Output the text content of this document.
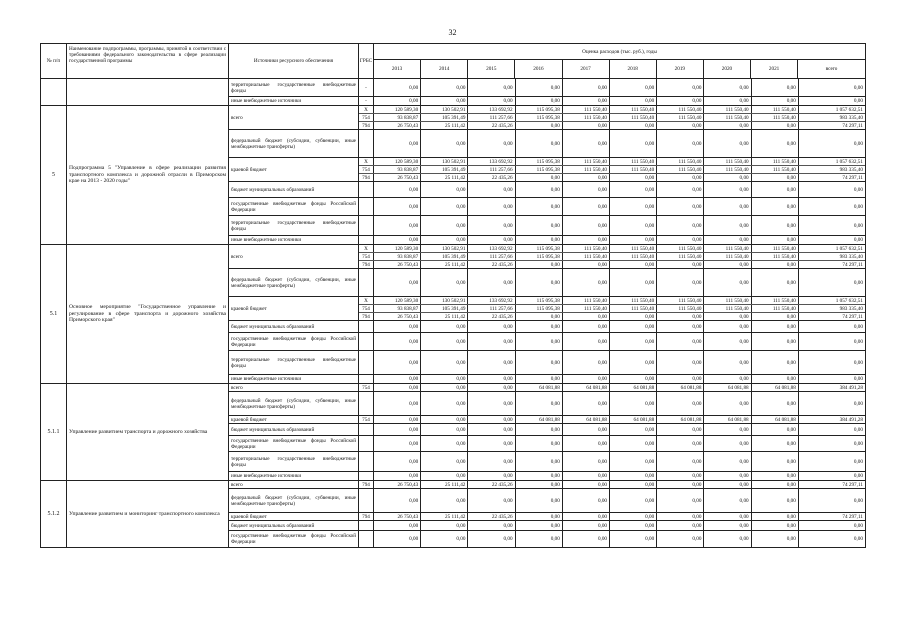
32
№ п/п
Наименование подпрограммы, программы, принятой в соответствии с требованиями федерального законодательства в сфере реализации государственной программы	Источники ресурсного обеспечения	ГРБС
Оценка расходов (тыс. руб.), годы
2013	2014	2015	2016	2017	2018	2019	2020	2021	всего
территориальные государственные внебюджетные фонды	-	0,00	0,00	0,00	0,00	0,00	0,00	0,00	0,00	0,00	0,00
иные внебюджетные источники	-	0,00	0,00	0,00	0,00	0,00	0,00	0,00	0,00	0,00	0,00
5
Подпрограмма 5 "Управление в сфере реализации развития транспортного комплекса и дорожной отрасли в Приморском крае на 2013 - 2020 годы"
всего
X	120 589,30	130 502,91	133 692,92	115 095,38	111 550,40	111 550,40	111 550,40	111 550,40	111 550,40	1 057 632,51
754	93 838,87	105 391,49	111 257,66	115 095,38	111 550,40	111 550,40	111 550,40	111 550,40	111 550,40	983 335,40
794	26 750,43	25 111,42	22 435,26	0,00	0,00	0,00	0,00	0,00	0,00	74 297,11
федеральный бюджет (субсидии, субвенции, иные межбюджетные трансферты)	0,00	0,00	0,00	0,00	0,00	0,00	0,00	0,00	0,00	0,00
краевой бюджет
X	120 589,30	130 502,91	133 692,92	115 095,38	111 550,40	111 550,40	111 550,40	111 550,40	111 550,40	1 057 632,51
754	93 838,87	105 391,49	111 257,66	115 095,38	111 550,40	111 550,40	111 550,40	111 550,40	111 550,40	983 335,40
794	26 750,43	25 111,42	22 435,26	0,00	0,00	0,00	0,00	0,00	0,00	74 297,11
бюджет муниципальных образований	0,00	0,00	0,00	0,00	0,00	0,00	0,00	0,00	0,00	0,00
государственные внебюджетные фонды Российской Федерации	0,00	0,00	0,00	0,00	0,00	0,00	0,00	0,00	0,00	0,00
территориальные государственные внебюджетные фонды	0,00	0,00	0,00	0,00	0,00	0,00	0,00	0,00	0,00	0,00
иные внебюджетные источники	0,00	0,00	0,00	0,00	0,00	0,00	0,00	0,00	0,00	0,00
5.1
Основное мероприятие "Государственное управление и регулирование в сфере транспорта и дорожного хозяйства Приморского края"
всего
X	120 589,30	130 502,91	133 692,92	115 095,38	111 550,40	111 550,40	111 550,40	111 550,40	111 550,40	1 057 632,51
754	93 838,87	105 391,49	111 257,66	115 095,38	111 550,40	111 550,40	111 550,40	111 550,40	111 550,40	983 335,40
794	26 750,43	25 111,42	22 435,26	0,00	0,00	0,00	0,00	0,00	0,00	74 297,11
федеральный бюджет (субсидии, субвенции, иные межбюджетные трансферты)	0,00	0,00	0,00	0,00	0,00	0,00	0,00	0,00	0,00	0,00
краевой бюджет
X	120 589,30	130 502,91	133 692,92	115 095,38	111 550,40	111 550,40	111 550,40	111 550,40	111 550,40	1 057 632,51
754	93 838,87	105 391,49	111 257,66	115 095,38	111 550,40	111 550,40	111 550,40	111 550,40	111 550,40	983 335,40
794	26 750,43	25 111,42	22 435,26	0,00	0,00	0,00	0,00	0,00	0,00	74 297,11
бюджет муниципальных образований	0,00	0,00	0,00	0,00	0,00	0,00	0,00	0,00	0,00	0,00
государственные внебюджетные фонды Российской Федерации	0,00	0,00	0,00	0,00	0,00	0,00	0,00	0,00	0,00	0,00
территориальные государственные внебюджетные фонды	0,00	0,00	0,00	0,00	0,00	0,00	0,00	0,00	0,00	0,00
иные внебюджетные источники	0,00	0,00	0,00	0,00	0,00	0,00	0,00	0,00	0,00	0,00
5.1.1	Управление развитием транспорта и дорожного хозяйства
всего	754	0,00	0,00	0,00	64 081,88	64 081,88	64 081,88	64 081,88	64 081,88	64 081,88	384 491,28
федеральный бюджет (субсидии, субвенции, иные межбюджетные трансферты)	0,00	0,00	0,00	0,00	0,00	0,00	0,00	0,00	0,00	0,00
краевой бюджет	754	0,00	0,00	0,00	64 081,88	64 081,88	64 081,88	64 081,88	64 081,88	64 081,88	384 491,28
бюджет муниципальных образований	0,00	0,00	0,00	0,00	0,00	0,00	0,00	0,00	0,00	0,00
государственные внебюджетные фонды Российской Федерации	0,00	0,00	0,00	0,00	0,00	0,00	0,00	0,00	0,00	0,00
территориальные государственные внебюджетные фонды	0,00	0,00	0,00	0,00	0,00	0,00	0,00	0,00	0,00	0,00
иные внебюджетные источники	0,00	0,00	0,00	0,00	0,00	0,00	0,00	0,00	0,00	0,00
5.1.2	Управление развитием и мониторинг транспортного комплекса
всего	794	26 750,43	25 111,42	22 435,26	0,00	0,00	0,00	0,00	0,00	0,00	74 297,11
федеральный бюджет (субсидии, субвенции, иные межбюджетные трансферты)	0,00	0,00	0,00	0,00	0,00	0,00	0,00	0,00	0,00	0,00
краевой бюджет	794	26 750,43	25 111,42	22 435,26	0,00	0,00	0,00	0,00	0,00	0,00	74 297,11
бюджет муниципальных образований	0,00	0,00	0,00	0,00	0,00	0,00	0,00	0,00	0,00	0,00
государственные внебюджетные фонды Российской Федерации	0,00	0,00	0,00	0,00	0,00	0,00	0,00	0,00	0,00	0,00
